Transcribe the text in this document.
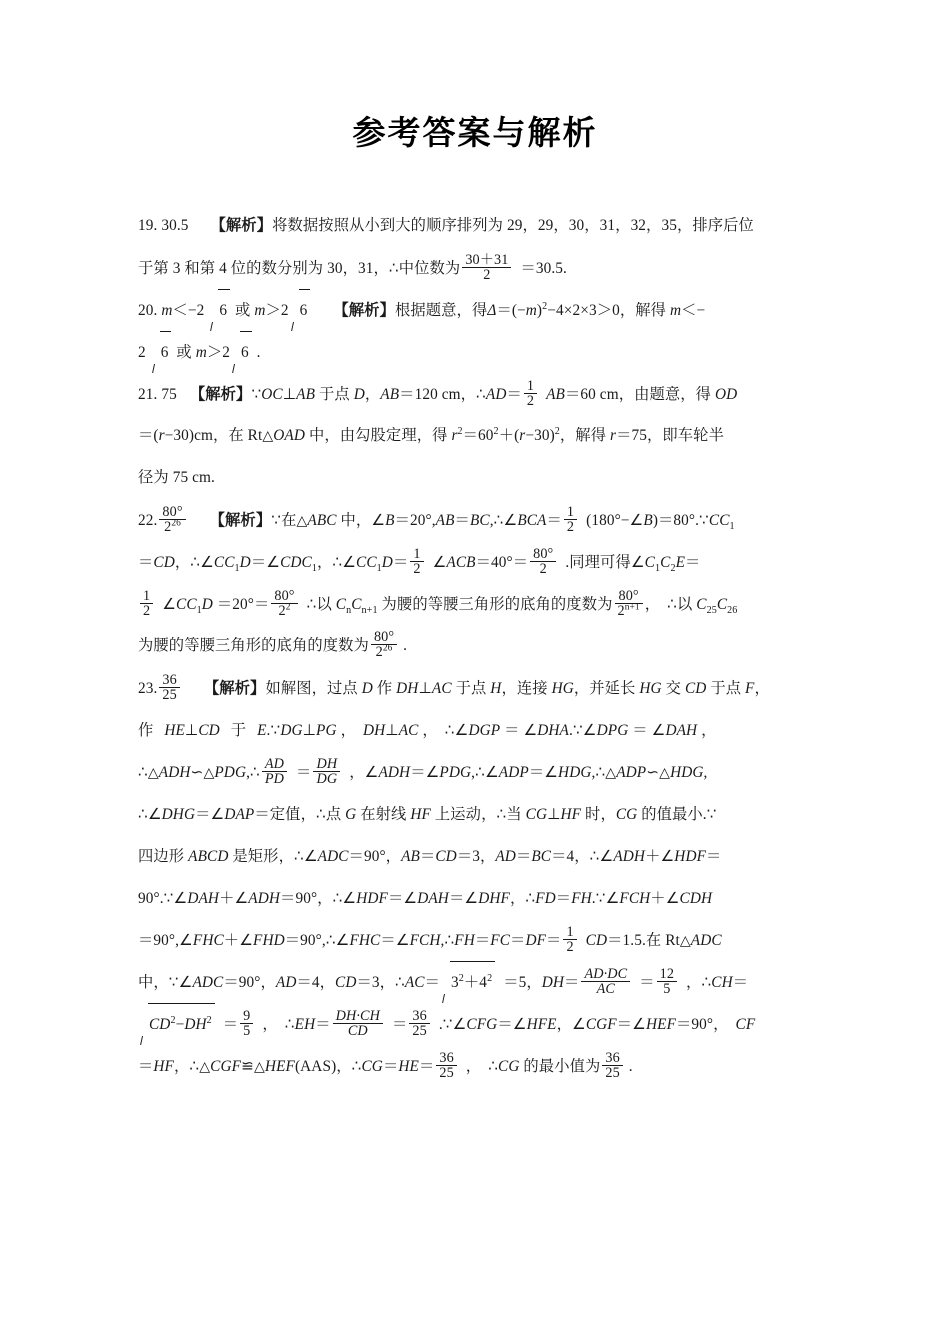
参考答案与解析
19. 30.5 【解析】将数据按照从小到大的顺序排列为 29，29，30，31，32，35，排序后位
于第 3 和第 4 位的数分别为 30，31，∴中位数为 $\frac{30+31}{2} =30.5$.
20. m＜−2 6 或 m＞2 6 【解析】根据题意，得$\Delta=(-m)^2-4\times 2\times 3>0$，解得 m＜−
2 6 或 m＞2 6 .
21. 75 【解析】∵OC⊥AB 于点 D，AB＝120 cm，∴AD＝ $\frac{1}{2} AB=60$ cm，由题意，得 OD
＝(r−30)cm，在 Rt△OAD 中，由勾股定理，得 $r^2=60^2+(r-30)^2$，解得 r＝75，即车轮半
径为 75 cm.
22. $\frac{80^\circ}{2^{26}}$ 【解析】∵在△ABC 中，∠B＝20°,AB＝BC,∴∠BCA＝ $\frac{1}{2}$ $(180^\circ-\angle B)=80^\circ.\because CC_1$
＝CD，$\therefore\angle CC_1D=\angle CDC_1$，$\therefore\angle CC_1D= \frac{1}{2}$ ∠ACB＝40°＝ $\frac{80^\circ}{2}$ .同理可得$\angle C_1C_2E=$
$\frac{1}{2}$ $\angle CC_1D =20^\circ= \frac{80^\circ}{2^2}$ ∴以 $C_nC_{n+1}$ 为腰的等腰三角形的底角的度数为 $\frac{80^\circ}{2^{n+1}}$ ， ∴以 $C_{25}C_{26}$
为腰的等腰三角形的底角的度数为 $\frac{80^\circ}{2^{26}}$ .
23. $\frac{36}{25}$ 【解析】如解图，过点 D 作 DH⊥AC 于点 H，连接 HG，并延长 HG 交 CD 于点 F，
作 HE⊥CD 于 E.∵DG⊥PG ， DH⊥AC ， ∴∠DGP ＝ ∠DHA.∵∠DPG ＝ ∠DAH ，
∴△ADH∽△PDG,∴ $\frac{AD}{PD} = \frac{DH}{DG}$ ，∠ADH＝∠PDG,∴∠ADP＝∠HDG,∴△ADP∽△HDG,
∴∠DHG＝∠DAP＝定值，∴点 G 在射线 HF 上运动，∴当 CG⊥HF 时，CG 的值最小.∵
四边形 ABCD 是矩形，∴∠ADC＝90°，AB＝CD＝3，AD＝BC＝4，∴∠ADH＋∠HDF＝
90°.∵∠DAH＋∠ADH＝90°，∴∠HDF＝∠DAH＝∠DHF，∴FD＝FH.∵∠FCH＋∠CDH
＝90°,∠FHC＋∠FHD＝90°,∴∠FHC＝∠FCH,∴FH＝FC＝DF＝ $\frac{1}{2} CD=1.5$.在 Rt△ADC
中，∵∠ADC＝90°，AD＝4，CD＝3，∴AC＝ $3^2+4^2 =5$，$DH= \frac{AD\cdot DC}{AC} = \frac{12}{5}$ ，∴CH＝
$CD^2-DH^2 = \frac{9}{5}$ ， ∴EH＝ $\frac{DH\cdot CH}{CD} = \frac{36}{25}$ .∵∠CFG＝∠HFE，∠CGF＝∠HEF＝90°， CF
＝HF，∴△CGF≌△HEF(AAS)，∴CG＝HE＝ $\frac{36}{25}$ ， ∴CG 的最小值为 $\frac{36}{25}$ .
